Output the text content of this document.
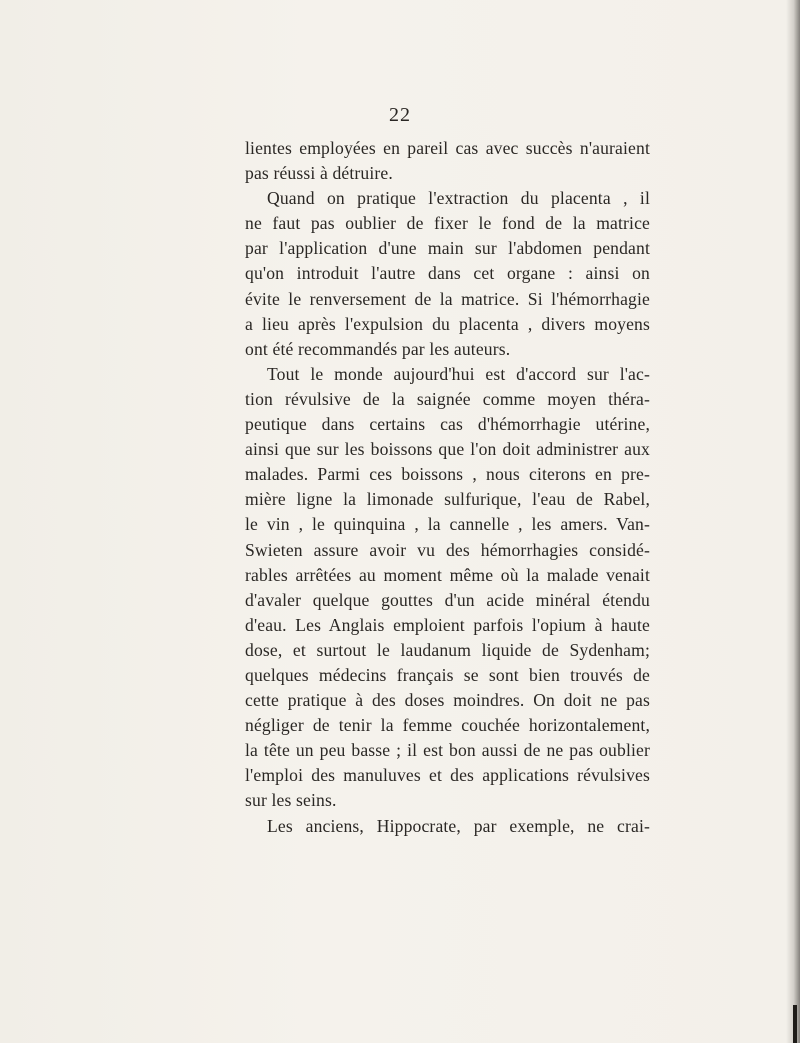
22
lientes employées en pareil cas avec succès n'auraient
pas réussi à détruire.
Quand on pratique l'extraction du placenta , il
ne faut pas oublier de fixer le fond de la matrice
par l'application d'une main sur l'abdomen pendant
qu'on introduit l'autre dans cet organe : ainsi on
évite le renversement de la matrice. Si l'hémorrhagie
a lieu après l'expulsion du placenta , divers moyens
ont été recommandés par les auteurs.
Tout le monde aujourd'hui est d'accord sur l'ac-
tion révulsive de la saignée comme moyen théra-
peutique dans certains cas d'hémorrhagie utérine,
ainsi que sur les boissons que l'on doit administrer aux
malades. Parmi ces boissons , nous citerons en pre-
mière ligne la limonade sulfurique, l'eau de Rabel,
le vin , le quinquina , la cannelle , les amers. Van-
Swieten assure avoir vu des hémorrhagies considé-
rables arrêtées au moment même où la malade venait
d'avaler quelque gouttes d'un acide minéral étendu
d'eau. Les Anglais emploient parfois l'opium à haute
dose, et surtout le laudanum liquide de Sydenham;
quelques médecins français se sont bien trouvés de
cette pratique à des doses moindres. On doit ne pas
négliger de tenir la femme couchée horizontalement,
la tête un peu basse ; il est bon aussi de ne pas oublier
l'emploi des manuluves et des applications révulsives
sur les seins.
Les anciens, Hippocrate, par exemple, ne crai-
